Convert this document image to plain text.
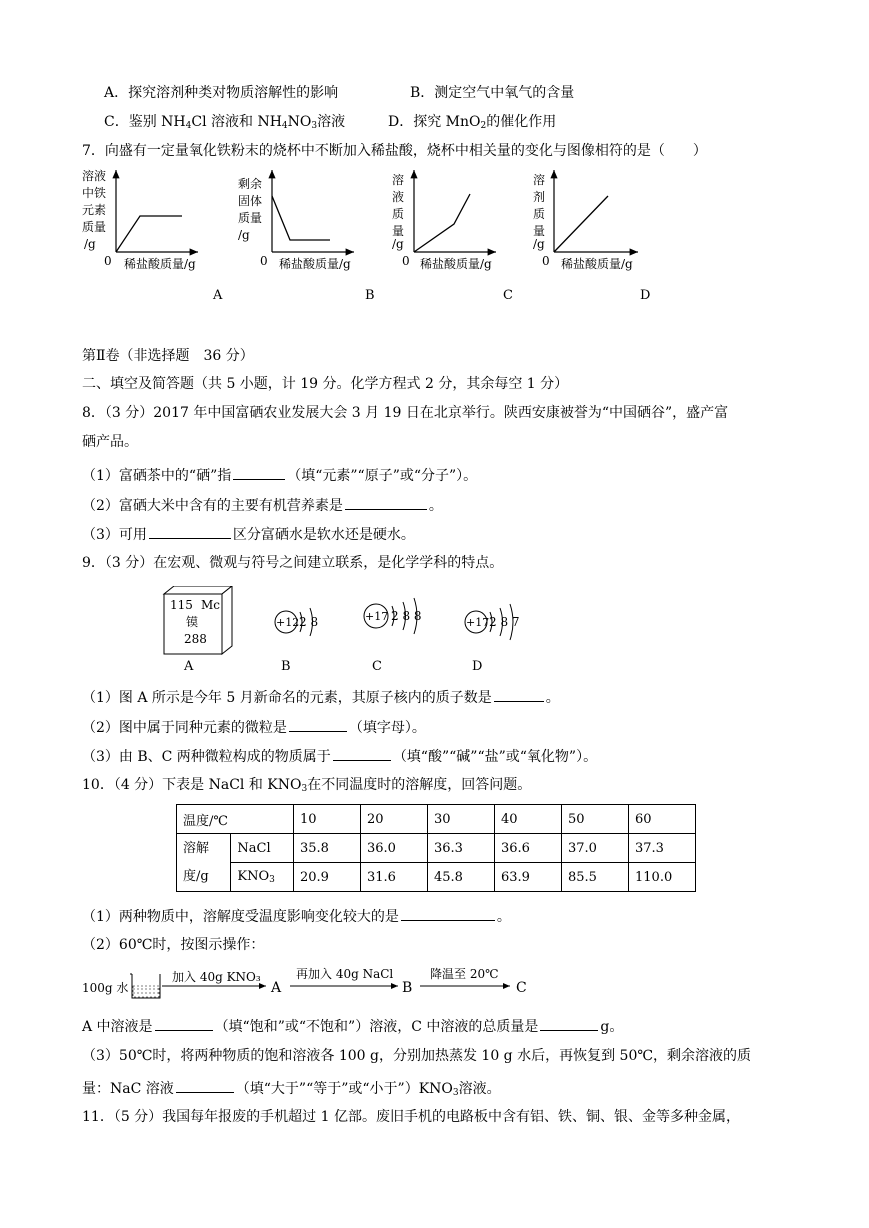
A．探究溶剂种类对物质溶解性的影响	B．测定空气中氧气的含量
C．鉴别 $NH_4Cl$ 溶液和 $NH_4NO_3$溶液	D．探究 MnO$_2$的催化作用
7．向盛有一定量氧化铁粉末的烧杯中不断加入稀盐酸，烧杯中相关量的变化与图像相符的是（　　）
溶液
中铁
元素
质量
/g
0 稀盐酸质量/g
A
剩余
固体
质量
/g
0 稀盐酸质量/g
B
溶
液
质
量
/g
0 稀盐酸质量/g
C
溶
剂
质
量
/g
0 稀盐酸质量/g
D
第Ⅱ卷（非选择题　36 分）
二、填空及简答题（共 5 小题，计 19 分。化学方程式 2 分，其余每空 1 分）
8．（3 分）2017 年中国富硒农业发展大会 3 月 19 日在北京举行。陕西安康被誉为“中国硒谷”，盛产富
硒产品。
（1）富硒茶中的“硒”指	（填“元素”“原子”或“分子”）。
（2）富硒大米中含有的主要有机营养素是	。
（3）可用	区分富硒水是软水还是硬水。
9．（3 分）在宏观、微观与符号之间建立联系，是化学学科的特点。
115 Mc
镆
288
+12 2 8	+17 2 8 8	+17 2 8 7
A	B	C	D
（1）图 A 所示是今年 5 月新命名的元素，其原子核内的质子数是	。
（2）图中属于同种元素的微粒是	（填字母）。
（3）由 B、C 两种微粒构成的物质属于	（填“酸”“碱”“盐”或“氧化物”）。
10．（4 分）下表是 NaCl 和 $KNO_3$在不同温度时的溶解度，回答问题。
温度/℃		10	20	30	40	50	60
溶解
度/g	NaCl	35.8	36.0	36.3	36.6	37.0	37.3
	$KNO_3$	20.9	31.6	45.8	63.9	85.5	110.0
（1）两种物质中，溶解度受温度影响变化较大的是	。
（2）60℃时，按图示操作：
100g 水
加入 40g KNO₃
A
再加入 40g NaCl
B
降温至 20℃
C
A 中溶液是	（填“饱和”或“不饱和”）溶液，C 中溶液的总质量是	g。
（3）50℃时，将两种物质的饱和溶液各 100 g，分别加热蒸发 10 g 水后，再恢复到 50℃，剩余溶液的质
量：NaC 溶液	（填“大于”“等于”或“小于$”)KNO_3$溶液。
11．（5 分）我国每年报废的手机超过 1 亿部。废旧手机的电路板中含有铝、铁、铜、银、金等多种金属，
